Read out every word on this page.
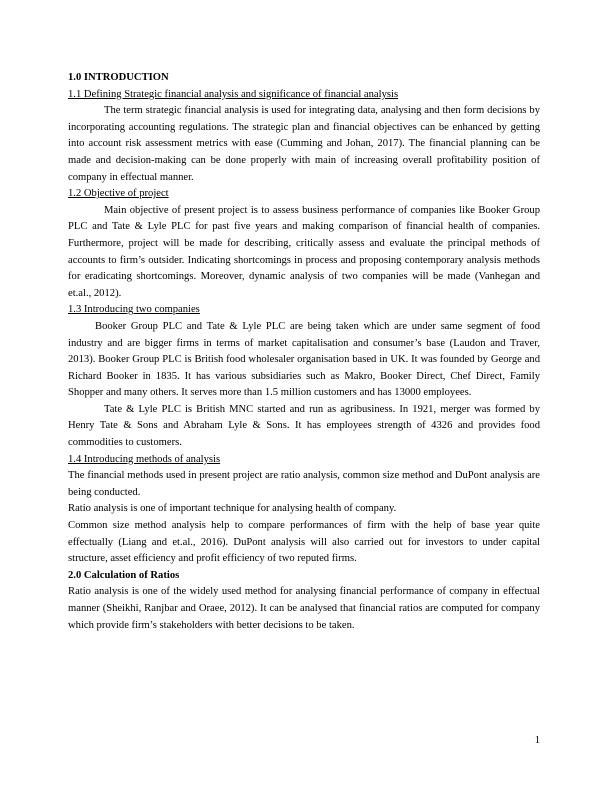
1.0 INTRODUCTION

1.1 Defining Strategic financial analysis and significance of financial analysis

The term strategic financial analysis is used for integrating data, analysing and then form decisions by incorporating accounting regulations. The strategic plan and financial objectives can be enhanced by getting into account risk assessment metrics with ease (Cumming and Johan, 2017). The financial planning can be made and decision-making can be done properly with main of increasing overall profitability position of company in effectual manner.

1.2 Objective of project

Main objective of present project is to assess business performance of companies like Booker Group PLC and Tate & Lyle PLC for past five years and making comparison of financial health of companies. Furthermore, project will be made for describing, critically assess and evaluate the principal methods of accounts to firm’s outsider. Indicating shortcomings in process and proposing contemporary analysis methods for eradicating shortcomings. Moreover, dynamic analysis of two companies will be made (Vanhegan and et.al., 2012).

1.3 Introducing two companies

Booker Group PLC and Tate & Lyle PLC are being taken which are under same segment of food industry and are bigger firms in terms of market capitalisation and consumer’s base (Laudon and Traver, 2013). Booker Group PLC is British food wholesaler organisation based in UK. It was founded by George and Richard Booker in 1835. It has various subsidiaries such as Makro, Booker Direct, Chef Direct, Family Shopper and many others. It serves more than 1.5 million customers and has 13000 employees.

Tate & Lyle PLC is British MNC started and run as agribusiness. In 1921, merger was formed by Henry Tate & Sons and Abraham Lyle & Sons. It has employees strength of 4326 and provides food commodities to customers.

1.4 Introducing methods of analysis

The financial methods used in present project are ratio analysis, common size method and DuPont analysis are being conducted.

Ratio analysis is one of important technique for analysing health of company.

Common size method analysis help to compare performances of firm with the help of base year quite effectually (Liang and et.al., 2016). DuPont analysis will also carried out for investors to under capital structure, asset efficiency and profit efficiency of two reputed firms.

2.0 Calculation of Ratios

Ratio analysis is one of the widely used method for analysing financial performance of company in effectual manner (Sheikhi, Ranjbar and Oraee, 2012). It can be analysed that financial ratios are computed for company which provide firm’s stakeholders with better decisions to be taken.

1
